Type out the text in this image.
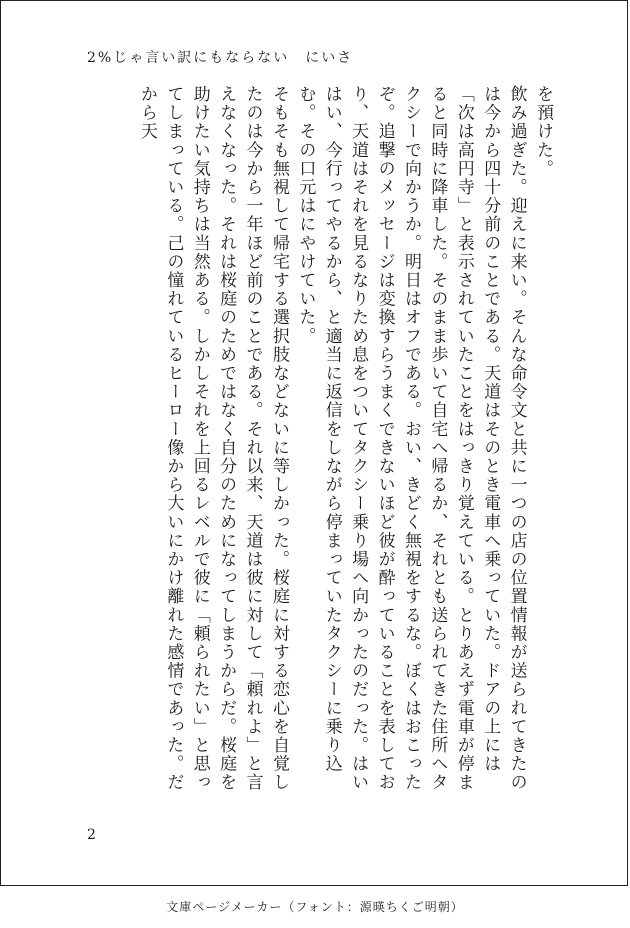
2%じゃ言い訳にもならない　にいさ

を預けた。

飲み過ぎた。迎えに来い。そんな命令文と共に一つの店の位置情報が送られてきたのは今から四十分前のことである。天道はそのとき電車へ乗っていた。ドアの上には「次は高円寺」と表示されていたことをはっきり覚えている。とりあえず電車が停まると同時に降車した。そのまま歩いて自宅へ帰るか、それとも送られてきた住所へタクシーで向かうか。明日はオフである。おい、きどく無視をするな。ぼくはおこったぞ。追撃のメッセージは変換すらうまくできないほど彼が酔っていることを表しており、天道はそれを見るなりため息をついてタクシー乗り場へ向かったのだった。はいはい、今行ってやるから、と適当に返信をしながら停まっていたタクシーに乗り込む。その口元はにやけていた。

そもそも無視して帰宅する選択肢などないに等しかった。桜庭に対する恋心を自覚したのは今から一年ほど前のことである。それ以来、天道は彼に対して「頼れよ」と言えなくなった。それは桜庭のためではなく自分のためになってしまうからだ。桜庭を助けたい気持ちは当然ある。しかしそれを上回るレベルで彼に「頼られたい」と思ってしまっている。己の憧れているヒーロー像から大いにかけ離れた感情であった。だから天

2
文庫ページメーカー（フォント：源暎ちくご明朝）
